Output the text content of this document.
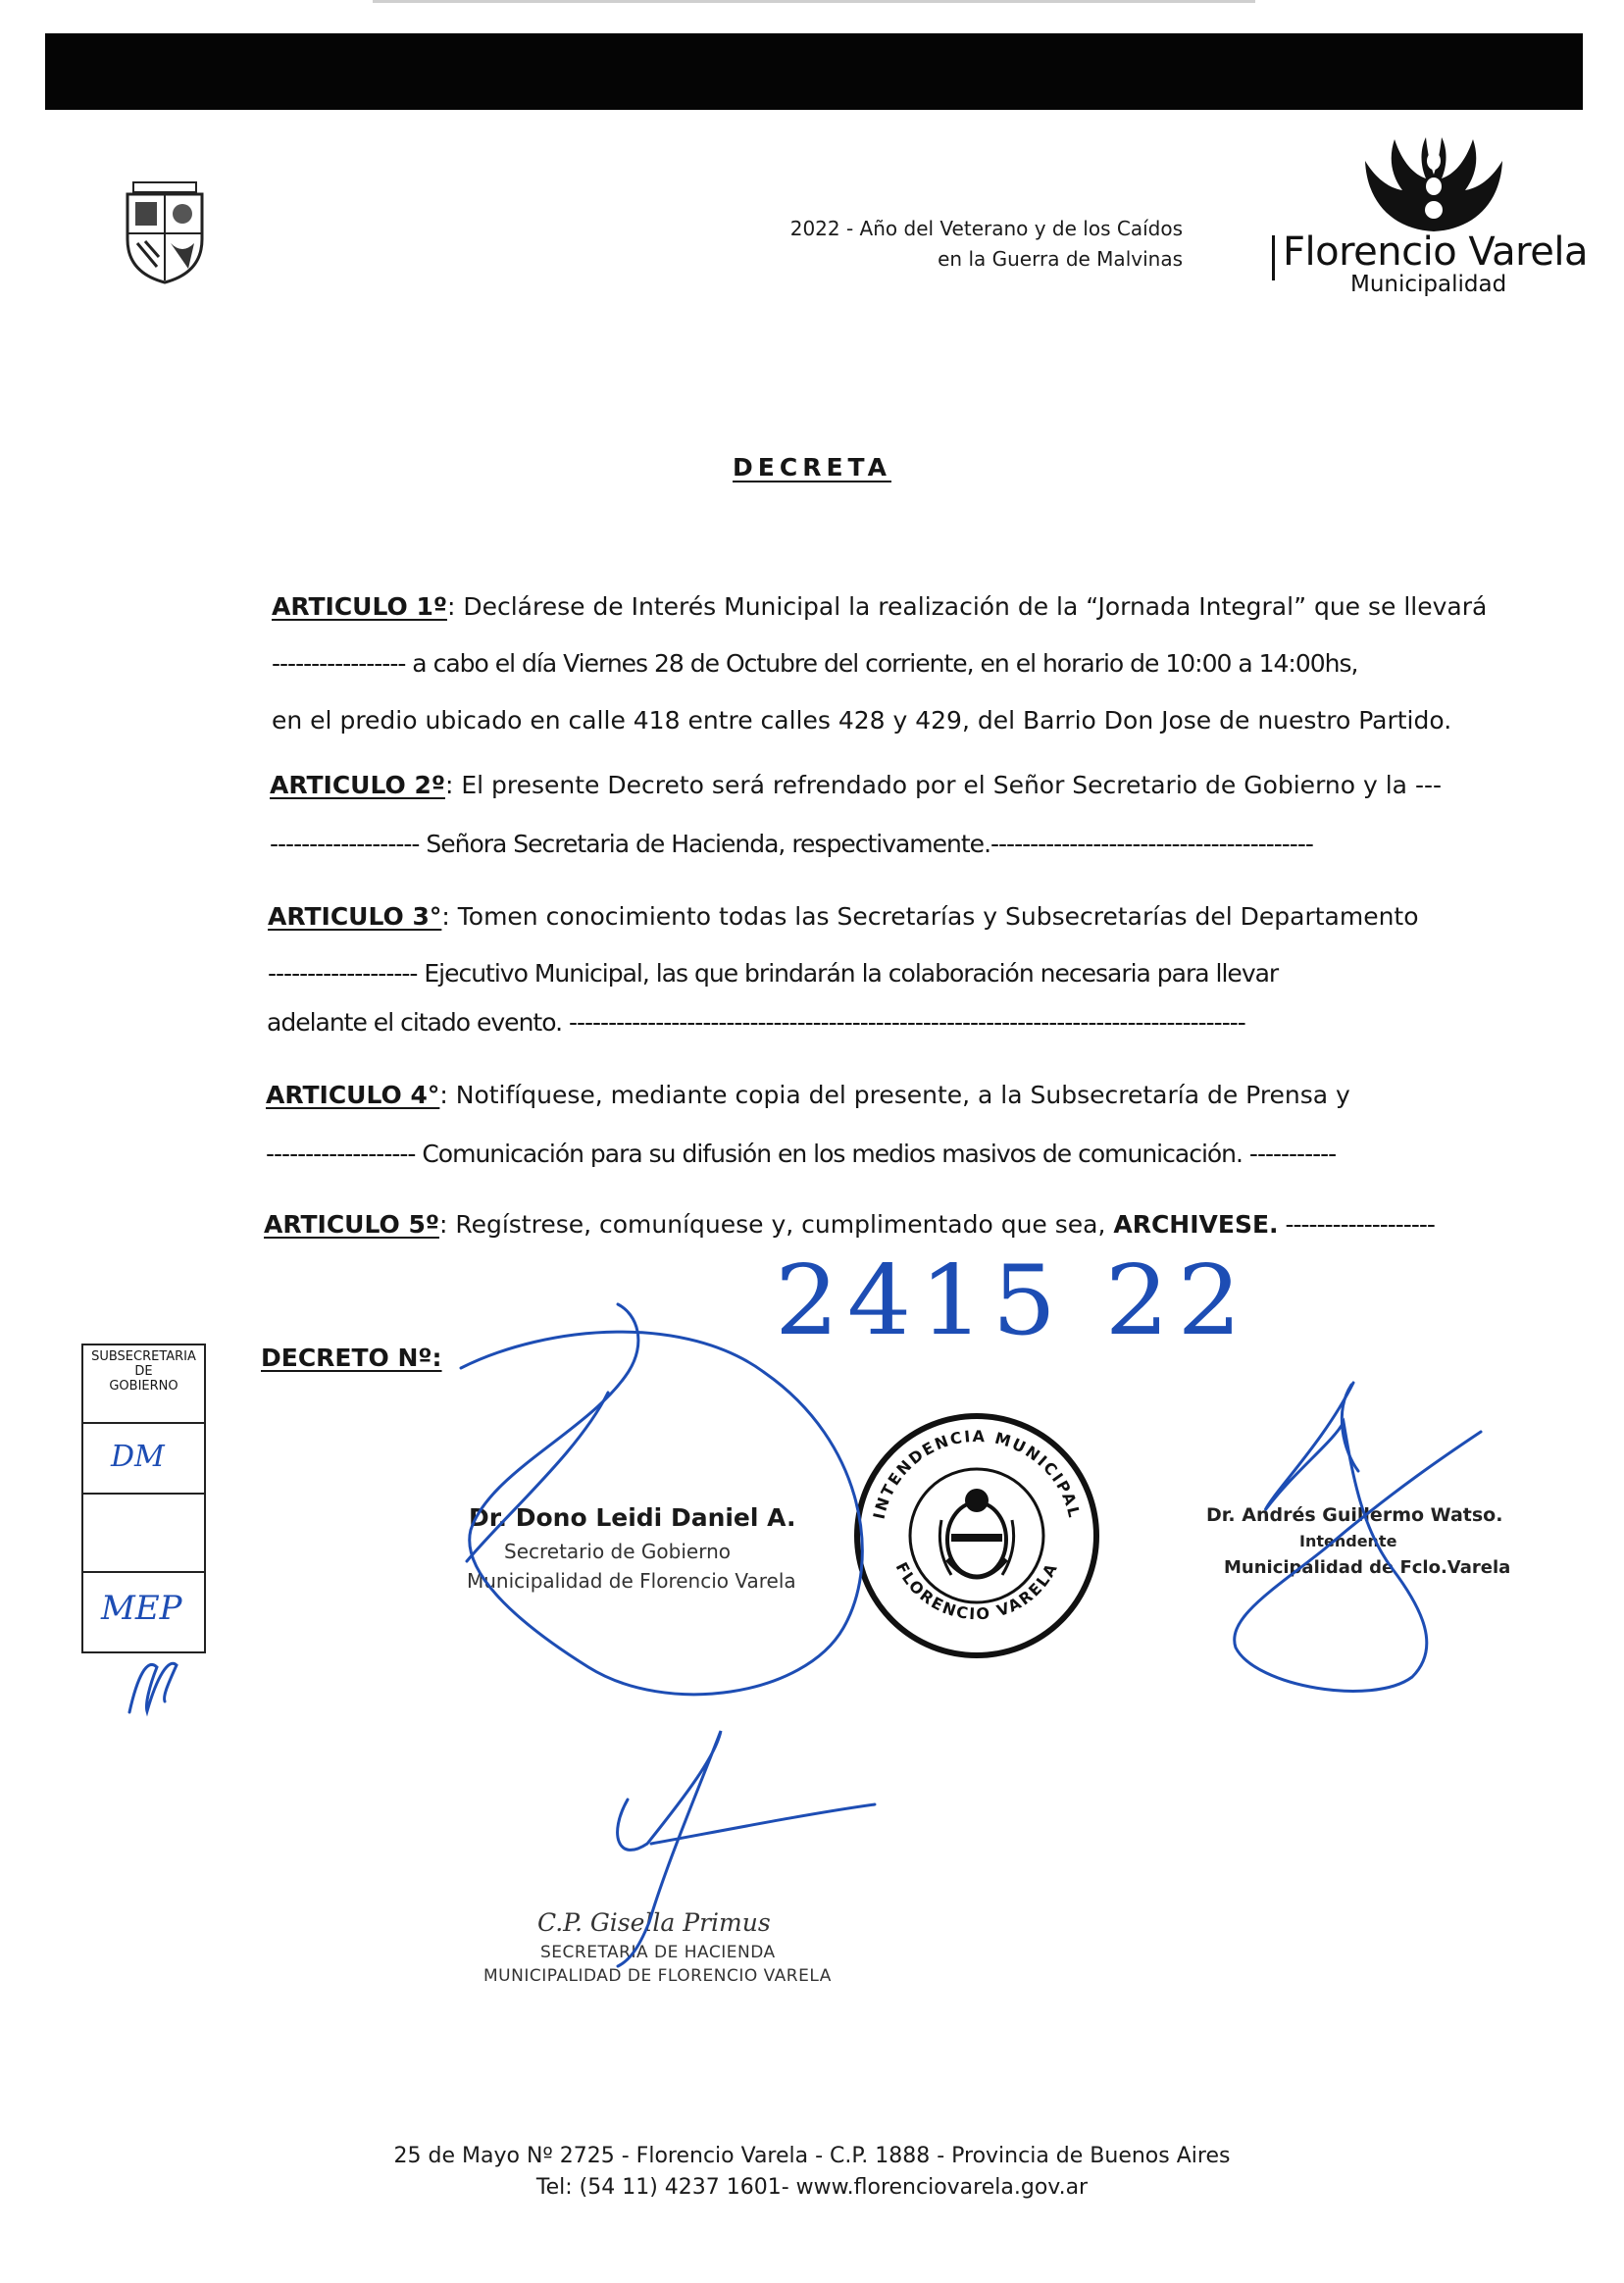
2022 - Año del Veterano y de los Caídos
en la Guerra de Malvinas	Florencio Varela
Municipalidad
DECRETA
ARTICULO 1º: Declárese de Interés Municipal la realización de la “Jornada Integral” que se llevará
----------------- a cabo el día Viernes 28 de Octubre del corriente, en el horario de 10:00 a 14:00hs,
en el predio ubicado en calle 418 entre calles 428 y 429, del Barrio Don Jose de nuestro Partido.
ARTICULO 2º: El presente Decreto será refrendado por el Señor Secretario de Gobierno y la ---
------------------- Señora Secretaria de Hacienda, respectivamente.-----------------------------------------
ARTICULO 3°: Tomen conocimiento todas las Secretarías y Subsecretarías del Departamento
------------------- Ejecutivo Municipal, las que brindarán la colaboración necesaria para llevar
adelante el citado evento. --------------------------------------------------------------------------------------
ARTICULO 4°: Notifíquese, mediante copia del presente, a la Subsecretaría de Prensa y
------------------- Comunicación para su difusión en los medios masivos de comunicación. -----------
ARTICULO 5º: Regístrese, comuníquese y, cumplimentado que sea, ARCHIVESE. -------------------
DECRETO Nº:
2415 22
SUBSECRETARIA
DE
GOBIERNO
DM
MEP
INTENDENCIA MUNICIPAL
FLORENCIO VARELA
Dr. Dono Leidi Daniel A.
Secretario de Gobierno
Municipalidad de Florencio Varela
Dr. Andrés Guillermo Watso.
Intendente
Municipalidad de Fclo.Varela
C.P. Gisella Primus
SECRETARIA DE HACIENDA
MUNICIPALIDAD DE FLORENCIO VARELA
25 de Mayo Nº 2725 - Florencio Varela - C.P. 1888 - Provincia de Buenos Aires
Tel: (54 11) 4237 1601- www.florenciovarela.gov.ar
